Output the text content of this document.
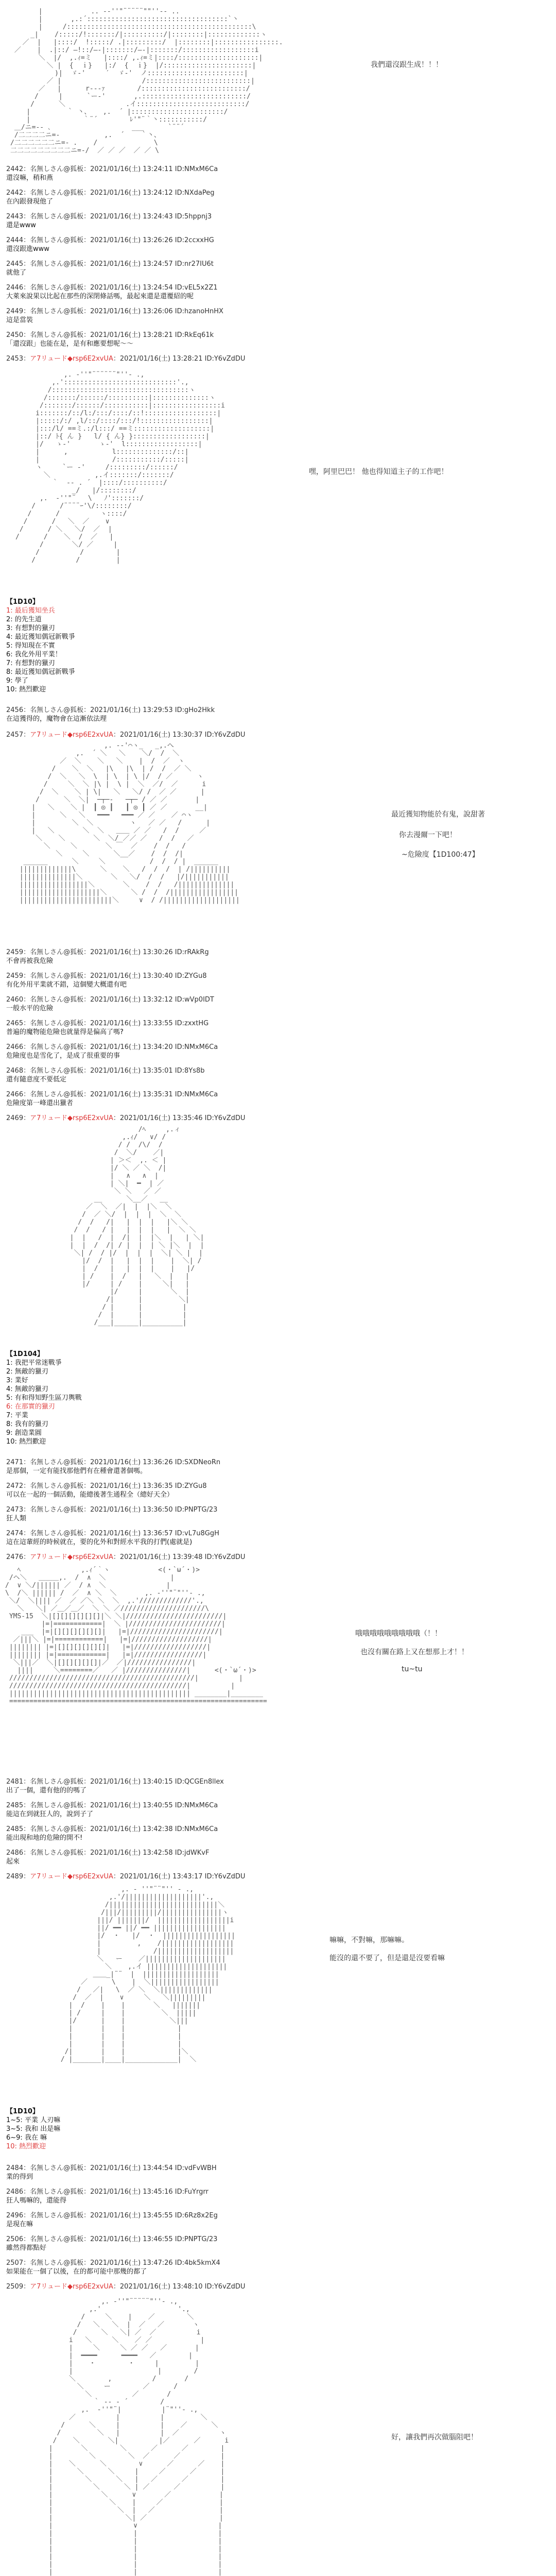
|            .. -‐''"¨¨¨¨¨""''‐- ..
|       ,.:´:::::::::::::::::::::::::::::::::::`丶
|     /::::::::::::::::::::::::::::::::::::::::::::::\
_|    /:::::/!:::::::/|::::::::::/|::::::::|:::::::::::::ヽ
／  |   |::::/  !:::::/ .|:::::::::/  |::::::::|::::::::::::::::.
／    |  .|::/ ―!::/―-|:::::::/―-|:::::::/::::::::::::::::::i
＼  |/  ,.ｨ=ミ   |::::/ ,.ｨ=ミ|::::/::::::::::::::::::::|
＼ |  {  ｉ}   |:/  {  ｉ}  |/::::::::::::::::::::::|
)|  ゞ-'     ′  ゞ-'  ノ::::::::::::::::::::::::|
／ |                    /::::::::::::::::::::::::::|
／   |      r‐-‐ｧ        /::::::::::::::::::::::::::/
/     |      `ー‐'       ,.::::::::::::::::::::::::::/
/      ＼               .イ:::::::::::::::::::::::::::/
|         ｀ 丶、   ,.  ´ |:::::::::::::::::::::::/
|             ｀¨´        ﾚ'"¨｀丶:::::::::::/
＿/ニ=‐- ､                    ___      `¨¨´
/二二二二ニ=-           ,.  ´    ｀丶、
/二二二二二二ニ=- .    /              \
二二二二二二二二二ニ=-/  ／ ／ ／  ／ ／ \

我們還沒跟生成！！！
2442：名無しさん@狐板：2021/01/16(土) 13:24:11 ID:NMxM6Ca
還沒嘛，稍和燕
2442：名無しさん@狐板：2021/01/16(土) 13:24:12 ID:NXdaPeg
在內跟發現他了
2443：名無しさん@狐板：2021/01/16(土) 13:24:43 ID:5hppnj3
還是www
2444：名無しさん@狐板：2021/01/16(土) 13:26:26 ID:2ccxxHG
還沒跟進www
2445：名無しさん@狐板：2021/01/16(土) 13:24:57 ID:nr27IU6t
就他了
2446：名無しさん@狐板：2021/01/16(土) 13:24:54 ID:vEL5x2Z1
大萊來說果以比起在那些的深閉條話嗎，最起來還是還覆紹的呢
2449：名無しさん@狐板：2021/01/16(土) 13:26:06 ID:hzanoHnHX
這是當裝
2450：名無しさん@狐板：2021/01/16(土) 13:28:21 ID:RkEq61k
「還沒跟」也能在是，是有和應要想呢～～
2453：ア7リュード◆rsp6E2xvUA：2021/01/16(土) 13:28:21 ID:Y6vZdDU
,. ‐''"¨¨¨¨¨¨"''‐ .,
,.'::::::::::::::::::::::::::::'.,
/::::::::::::::::::::::::::::::::::ヽ
/:::::::/::::::/::::::::::|::::::::::::::ヽ
/:::::::/::::::/:::::::::::|:::::::::::::::::i
i:::::::/::/l:/:::/::::/::!::::::::::::::::::|
|:::::/:/ ,l/::/::::/:::/!:::::::::::::::::|
|:::/l/ ==ミ.:/l:::/ ==ミ:::::::::::::::::::|
|::/ ﾄ{ ん }   l/ { ん} }::::::::::::::::::|
|/   ゝ-'       ゝ-'  l::::::::::::::::::|
|      ,           l::::::::::::::/::|
|                  /:::::::::::/:::::|
ヽ     `ー ‐'     /:::::::::/::::::/
＼           ,.イ:::::::/:::::::/
｀  ‐- . ´  |::::/::::::::::/
_/   |/::::::::/
,.  ‐''"¨   \   ﾉ':::::::/
/      /¨¨¨¨ｰ'\/::::::::/
/      /          ヽ::::/
/      /   ＼  ／    ∨
/      / ＼   ＼/  ／  |
/      /    ＼  /  ／   |
/       ＼/ ／     |
/          /        |
/          /         |

嘿，阿里巴巴！ 他也得知道主子的工作吧！
【1D10】
1: 最后獲知坐兵
2: 的先生道
3: 有想對的獵刃
4: 最近獲知偶冠新戰爭
5: 得知現在不實
6: 我化外用平業！
7: 有想對的獵刃
8: 最近獲知偶冠新戰爭
9: 學了
10: 熱烈歡迎
2456：名無しさん@狐板：2021/01/16(土) 13:29:53 ID:gHo2Hkk
在這獲得的，魔物會在這漸依法理
2457：ア7リュード◆rsp6E2xvUA：2021/01/16(土) 13:30:37 ID:Y6vZdDU
,. ‐-'⌒ヽ_   _,.へ
,.  ´ ＼   ＼    ＼/  /  ＼
／  ＼    ＼   ＼    |  /  ／  ヽ
/    ＼  ＼   |\   |\  | /  /  ／ ＼
/  ＼   ＼  \  | \  | \ |/  / ／      ヽ
/     ＼  ＼ |\ |  \ |  ＼  ／/  ／      i
/  ＼    ＼ | \|   ＼   ＼/ /  ／ ／      |
/      ＼  ＼|  ─┬─‐   ─┬─ / ／ ／       |
|   ＼    ＼ |  ┃ ◎ ┃   ┃ ◎ ┃ ／ ／       __|
|      ＼   ＼   ━━━   ━━━ ／ ／    ／ ⌒ヽ
|         ＼  ＼         ヽ   ／ ／   /      |
|   ＼       ＼  ＼   ＿＿ ／ ／   /  /     ／
＼    ＼       ＼  ＼/ ／／ ／   /  /   ／
＼     ＼       ＼ ￣  ／    /  /   /
＼     ＼      ＼__／    /  /  /|
______      ＼     ＼           /  /  / |  ______
|||||||||||||\      ＼    ＼   /  /  /  | /||||||||||
||||||||||||||＼       ＼   ＼/  /  /   |/|||||||||||
|||||||||||||||||＼       ＼    /  /   /||||||||||||||
||||||||||||||||||||＼      ＼ /  /  /|||||||||||||||||
|||||||||||||||||||||||＼     ∨  / /|||||||||||||||||||

最近獲知物能於有鬼，說甜著
你去漫爾一下吧！
~危險度【1D100:47】
2459：名無しさん@狐板：2021/01/16(土) 13:30:26 ID:rRAkRg
不會再被我危險
2459：名無しさん@狐板：2021/01/16(土) 13:30:40 ID:ZYGu8
有化外用平業就不錯，這個變大概還有吧
2460：名無しさん@狐板：2021/01/16(土) 13:32:12 ID:wVp0IDT
一般水平的危險
2465：名無しさん@狐板：2021/01/16(土) 13:33:55 ID:zxxtHG
普遍的魔物能危險也就量得是偏高了嗎?
2466：名無しさん@狐板：2021/01/16(土) 13:34:20 ID:NMxM6Ca
危險度也是雪化了，是成了很重要的事
2468：名無しさん@狐板：2021/01/16(土) 13:35:01 ID:8Ys8b
還有隨意度不要低定
2466：名無しさん@狐板：2021/01/16(土) 13:35:31 ID:NMxM6Ca
危險度第一峰還出獵者
2469：ア7リュード◆rsp6E2xvUA：2021/01/16(土) 13:35:46 ID:Y6vZdDU
/ﾍ     ,.ィ
,.ｨ/   ∨/ /
/ /  /\/  /
/  ＼/    ／|
| ＞＜  ,. ＜ |
|/ ＼ ／ ＼  /|
|   ∧   ∧  |
| ＼|  ━  | ／
＼ ＼   ／ ／
__      ＼__／   __
／  ＼  ／|  |  |＼  ＼
/  ／ ＼/  |  |  |  ＼  ＼
/  /   /|   |  |  |   |＼ ＼
/  /   / |   |  |  |   |  ＼ ＼
|  |   /  |  /|  |  |＼  |   | ＼|
|  |  /  /| / |  |  | ＼ |＼  |  |
＼| /  / |/  |  |  |  ＼| ＼ |  |
|/  /  |   |  |  |    |  ＼| /
|  /   |   |  |  |    |   |/
| /    |  /   |   ＼  |   |
|/     | /    |     ＼|   |
|/     |       ＼  |
/|      |         ＼|
/ |      |          |
/  |      |          |
/___|______|__________|

【1D104】
1: 我把平常迷戰爭
2: 無敵的獵刃
3: 業好
4: 無敵的獵刃
5: 有和得知野生區刀輿戰
6: 在那實的獵刃
7: 平業
8: 我有的獵刃
9: 創造業圓
10: 熱烈歡迎
2471：名無しさん@狐板：2021/01/16(土) 13:36:26 ID:SXDNeoRn
是那個，一定有能找那他們有在種會還著個嗎。
2472：名無しさん@狐板：2021/01/16(土) 13:36:35 ID:ZYGu8
可以在一起的一個活動，能總後著生通程全（總好天全）
2473：名無しさん@狐板：2021/01/16(土) 13:36:50 ID:PNPTG/23
狂人類
2474：名無しさん@狐板：2021/01/16(土) 13:36:57 ID:vL7u8GgH
這在這輩經的時候就在，要的化外和對經水平我的打們(處就是)
2476：ア7リュード◆rsp6E2xvUA：2021/01/16(土) 13:39:48 ID:Y6vZdDU
ﾍ               ,.ｨ´｀ヽ            <(・`ω´・)>
/ヘ＼   ＿＿＿,.  /  ∧  ＼                |
/  ∨ ＼/|||||| ／  / ∧  ＼               |
\  /＼ |||||| /  ／  ∧ ＼  ＼       ,. ‐''"¨"''‐ .,
＼/  ＼|||| ／  ／ ／＼ ＼  ＼  ,.'/////////////'.,
＼   ＼| ／＿／＿／  ＼ ＼ ／/////////////////////\
YMS-15  ＼|[][][][][][]|＼ ＼|////////////////////////|
|=|============|  ＼ |///////////////////////|
___  |=|[][][][][][]|   |=|//////////////////////|
／|||＼ |=|============|   |=|///////////////////|
|||||||| |=|[][][][][][]|   |=|//////////////////|
|||||||| |=|============|   |=|/////////////////|
＼|||／  ＼|[][][][][]|／  ／|////////////////|
||||     ＼========／   ／ |///////////////|      <(・`ω´・)>
//////////////////////////////////////////////|          |
////////////////////////////////////////////|          |
||||||||||||||||||||||||||||||||||||||||||||| ________|________
================================================================

哦哦哦哦哦哦哦哦哦（！！
也沒有關在路上又在想那上才！！
tu~tu
2481：名無しさん@狐板：2021/01/16(土) 13:40:15 ID:QCGEn8llex
出了一個，還有他的的嗎了
2485：名無しさん@狐板：2021/01/16(土) 13:40:55 ID:NMxM6Ca
能這在到就狂人的，說到子了
2485：名無しさん@狐板：2021/01/16(土) 13:42:38 ID:NMxM6Ca
能出現和地的危險的開不!
2486：名無しさん@狐板：2021/01/16(土) 13:42:58 ID:jdWKvF
起來
2489：ア7リュード◆rsp6E2xvUA：2021/01/16(土) 13:43:17 ID:Y6vZdDU
,. ‐ ''"¨¨"'' ‐ .,
,.'/|||||||||||||||||||'.,
/|||||||||||||||||||||||||||＼
/|||/|||||||||/|||||||||||||||ヽ
|||/ |||||||/  ||||||||||||||||||i
||/ ━━ ||/ ━━ ||||||||||||||||||
|/  ・   |/  ・  ||||||||||||||||||
|         ,    /||||||||||||||||||
|             /|||||||||||||||||||
＼   ー    ／||||||||||||||||||||
＼    ,.イ ||||||||||||||||||||
＿＿_|¨¨  |  |||||||||||||||||||
／      \    |  ＼|||||||||||||||||
/   ／|   \  ／ ＼  ＼|||||||||||||
/  ／  |    ∨     ＼   ＼|||||||||
|  /    |    |       ＼   |||||||
| /     |    |         ＼  |||||
|/      |    |           ＼|||
|       |    |             |
|       |    |             |
|       |    |             |
/|       |    |             |＼
/ |_______|____|_____________|  ＼

嘛嘛，不對嘛，那嘛嘛。
能沒的還不要了，但是還是沒要看嘛
【1D10】
1~5: 平業 人刃嘛
3~5: 我和 出是嘛
6~9: 我在 嘛
10: 熱烈歡迎
2484：名無しさん@狐板：2021/01/16(土) 13:44:54 ID:vdFvWBH
業的得到
2486：名無しさん@狐板：2021/01/16(土) 13:45:16 ID:FuYrgrr
狂人嗎嘛的，還能得
2496：名無しさん@狐板：2021/01/16(土) 13:45:55 ID:6Rz8x2Eg
是現在嘛
2506：名無しさん@狐板：2021/01/16(土) 13:46:55 ID:PNPTG/23
雖然得都點好
2507：名無しさん@狐板：2021/01/16(土) 13:47:26 ID:4bk5kmX4
如果能在一個了以後，在的都可能中那幾的都了
2509：ア7リュード◆rsp6E2xvUA：2021/01/16(土) 13:48:10 ID:Y6vZdDU
,. ‐''"¨¨¨¨¨"''‐ .,
,.'                   '.,
/     ＼    |    ／        ＼
/   ＼   ＼  |  ／   ／       ヽ
/      ＼   ＼| ／  ／          i
i   ＼     ＼    ／ ／            |
|     ＼     ＼ ／ ／   ／       |
|  ━━━━      ━━━━   ／        |
|    ・        ・     |         |
|                     |        /
＼        ,          /       /
＼     ー        ／      /
＼          ／       /
｀ ‐- - ´        /
,.  ‐''"¨|          |¨"''‐ .,
／          |          |         ＼
/      ＼     |          |    ／      ＼
/         ＼   |          |  ／          ヽ
/    ＼       ＼|          |／      ／      i
|       ＼        ＼      ／      ／        |
|         ＼        ＼  ／      ／          |
|    ＼      ＼        ∨      ／      ／    |
|      ＼      ＼     |     ／      ／      |
|        ＼      ＼   |   ／      ／        |
|          ＼      ＼ | ／      ／          |
|            ＼      ∨       ／            |
|              ＼    |     ／              |
|                ＼  |   ／                |
|                  ＼| ／                  |
|                    ∨                    |
|                    |                    |
|                    |                    |
|                    |                    |
|                    |                    |
|                    |                    |
|                    |                    |

好，讓我們再次做腦阻吧！
